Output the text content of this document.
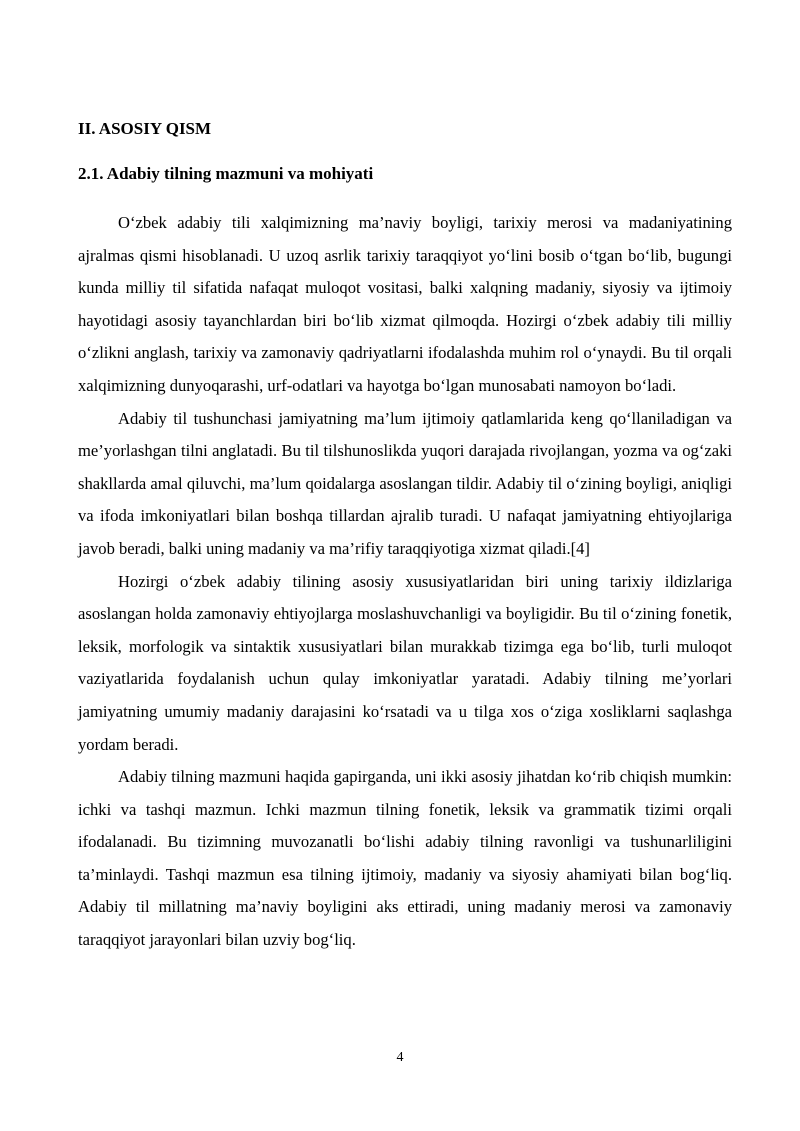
II. ASOSIY QISM
2.1. Adabiy tilning mazmuni va mohiyati

O‘zbek adabiy tili xalqimizning ma’naviy boyligi, tarixiy merosi va madaniyatining ajralmas qismi hisoblanadi. U uzoq asrlik tarixiy taraqqiyot yo‘lini bosib o‘tgan bo‘lib, bugungi kunda milliy til sifatida nafaqat muloqot vositasi, balki xalqning madaniy, siyosiy va ijtimoiy hayotidagi asosiy tayanchlardan biri bo‘lib xizmat qilmoqda. Hozirgi o‘zbek adabiy tili milliy o‘zlikni anglash, tarixiy va zamonaviy qadriyatlarni ifodalashda muhim rol o‘ynaydi. Bu til orqali xalqimizning dunyoqarashi, urf-odatlari va hayotga bo‘lgan munosabati namoyon bo‘ladi.

Adabiy til tushunchasi jamiyatning ma’lum ijtimoiy qatlamlarida keng qo‘llaniladigan va me’yorlashgan tilni anglatadi. Bu til tilshunoslikda yuqori darajada rivojlangan, yozma va og‘zaki shakllarda amal qiluvchi, ma’lum qoidalarga asoslangan tildir. Adabiy til o‘zining boyligi, aniqligi va ifoda imkoniyatlari bilan boshqa tillardan ajralib turadi. U nafaqat jamiyatning ehtiyojlariga javob beradi, balki uning madaniy va ma’rifiy taraqqiyotiga xizmat qiladi.[4]

Hozirgi o‘zbek adabiy tilining asosiy xususiyatlaridan biri uning tarixiy ildizlariga asoslangan holda zamonaviy ehtiyojlarga moslashuvchanligi va boyligidir. Bu til o‘zining fonetik, leksik, morfologik va sintaktik xususiyatlari bilan murakkab tizimga ega bo‘lib, turli muloqot vaziyatlarida foydalanish uchun qulay imkoniyatlar yaratadi. Adabiy tilning me’yorlari jamiyatning umumiy madaniy darajasini ko‘rsatadi va u tilga xos o‘ziga xosliklarni saqlashga yordam beradi.

Adabiy tilning mazmuni haqida gapirganda, uni ikki asosiy jihatdan ko‘rib chiqish mumkin: ichki va tashqi mazmun. Ichki mazmun tilning fonetik, leksik va grammatik tizimi orqali ifodalanadi. Bu tizimning muvozanatli bo‘lishi adabiy tilning ravonligi va tushunarliligini ta’minlaydi. Tashqi mazmun esa tilning ijtimoiy, madaniy va siyosiy ahamiyati bilan bog‘liq. Adabiy til millatning ma’naviy boyligini aks ettiradi, uning madaniy merosi va zamonaviy taraqqiyot jarayonlari bilan uzviy bog‘liq.

4
